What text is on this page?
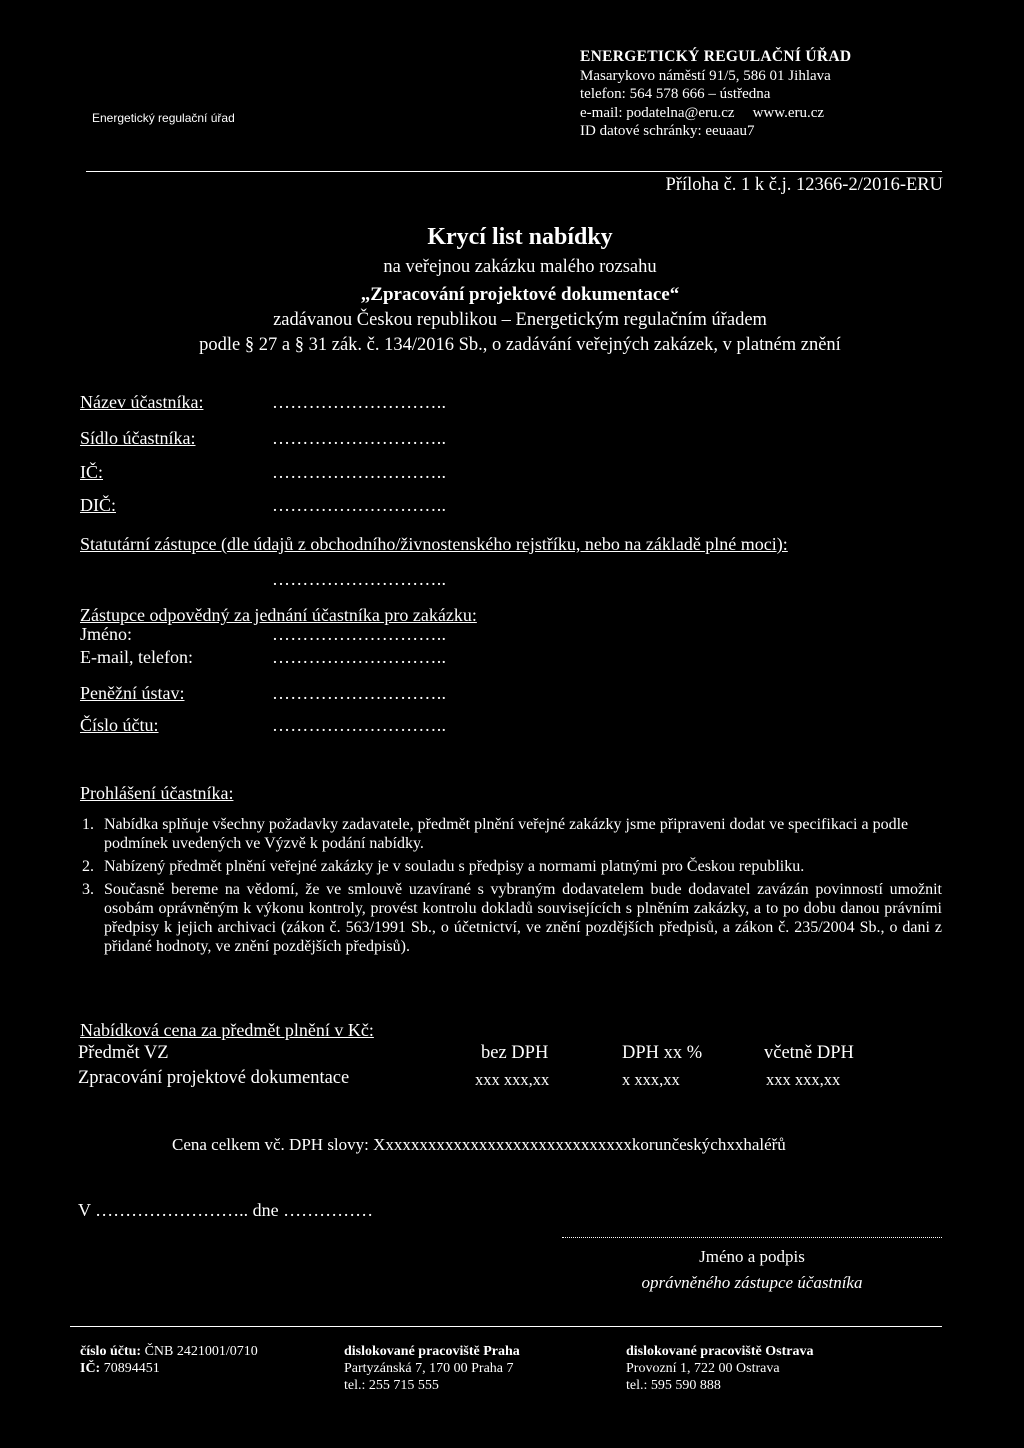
Energetický regulační úřad
ENERGETICKÝ REGULAČNÍ ÚŘAD
Masarykovo náměstí 91/5, 586 01 Jihlava
telefon: 564 578 666 – ústředna
e-mail: podatelna@eru.cz www.eru.cz
ID datové schránky: eeuaau7
Příloha č. 1 k č.j. 12366-2/2016-ERU
Krycí list nabídky
na veřejnou zakázku malého rozsahu
„Zpracování projektové dokumentace“
zadávanou Českou republikou – Energetickým regulačním úřadem
podle § 27 a § 31 zák. č. 134/2016 Sb., o zadávání veřejných zakázek, v platném znění
Název účastníka:	………………………..
Sídlo účastníka:	………………………..
IČ:	………………………..
DIČ:	………………………..
Statutární zástupce (dle údajů z obchodního/živnostenského rejstříku, nebo na základě plné moci):
………………………..
Zástupce odpovědný za jednání účastníka pro zakázku:
Jméno:	………………………..
E-mail, telefon:	………………………..
Peněžní ústav:	………………………..
Číslo účtu:	………………………..
Prohlášení účastníka:
1. Nabídka splňuje všechny požadavky zadavatele, předmět plnění veřejné zakázky jsme připraveni dodat ve specifikaci a podle podmínek uvedených ve Výzvě k podání nabídky.
2. Nabízený předmět plnění veřejné zakázky je v souladu s předpisy a normami platnými pro Českou republiku.
3. Současně bereme na vědomí, že ve smlouvě uzavírané s vybraným dodavatelem bude dodavatel zavázán povinností umožnit osobám oprávněným k výkonu kontroly, provést kontrolu dokladů souvisejících s plněním zakázky, a to po dobu danou právními předpisy k jejich archivaci (zákon č. 563/1991 Sb., o účetnictví, ve znění pozdějších předpisů, a zákon č. 235/2004 Sb., o dani z přidané hodnoty, ve znění pozdějších předpisů).
Nabídková cena za předmět plnění v Kč:
Předmět VZ	bez DPH	DPH xx %	včetně DPH
Zpracování projektové dokumentace	xxx xxx,xx	x xxx,xx	xxx xxx,xx
Cena celkem vč. DPH slovy: Xxxxxxxxxxxxxxxxxxxxxxxxxxxxxxkorunčeskýchxxhaléřů
V …………………….. dne ……………
Jméno a podpis
oprávněného zástupce účastníka
číslo účtu: ČNB 2421001/0710
IČ: 70894451
dislokované pracoviště Praha
Partyzánská 7, 170 00 Praha 7
tel.: 255 715 555
dislokované pracoviště Ostrava
Provozní 1, 722 00 Ostrava
tel.: 595 590 888
